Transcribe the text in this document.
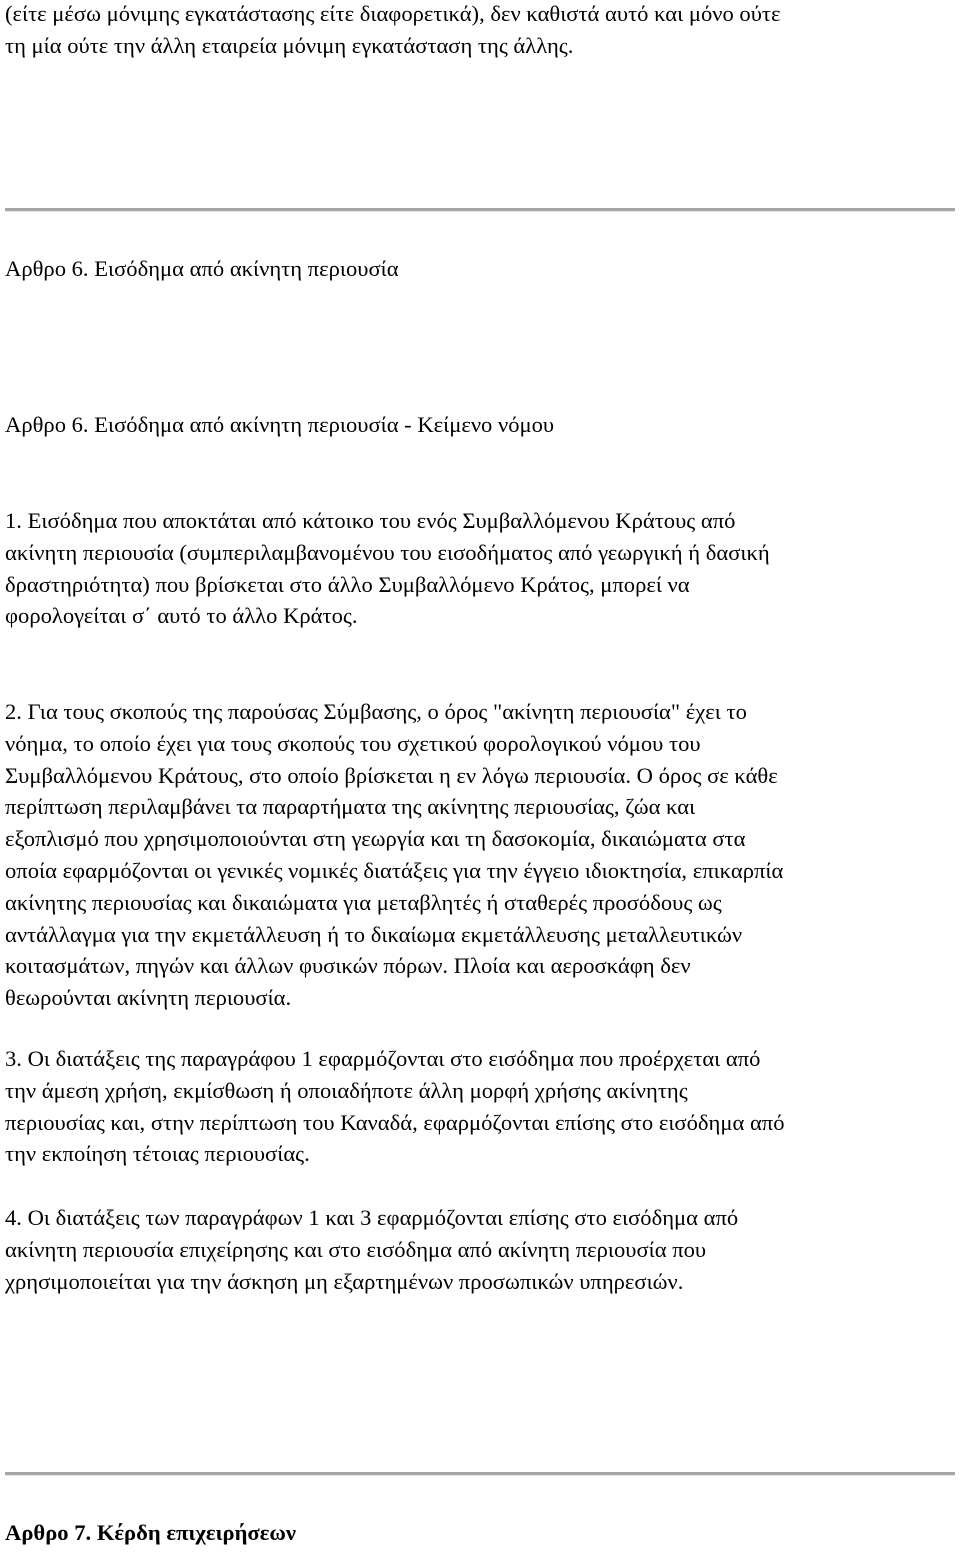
(είτε μέσω μόνιμης εγκατάστασης είτε διαφορετικά), δεν καθιστά αυτό και μόνο ούτε
τη μία ούτε την άλλη εταιρεία μόνιμη εγκατάσταση της άλλης.

Αρθρο 6. Εισόδημα από ακίνητη περιουσία
Αρθρο 6. Εισόδημα από ακίνητη περιουσία - Κείμενο νόμου

1. Εισόδημα που αποκτάται από κάτοικο του ενός Συμβαλλόμενου Κράτους από
ακίνητη περιουσία (συμπεριλαμβανομένου του εισοδήματος από γεωργική ή δασική
δραστηριότητα) που βρίσκεται στο άλλο Συμβαλλόμενο Κράτος, μπορεί να
φορολογείται σ΄ αυτό το άλλο Κράτος.

2. Για τους σκοπούς της παρούσας Σύμβασης, ο όρος "ακίνητη περιουσία" έχει το
νόημα, το οποίο έχει για τους σκοπούς του σχετικού φορολογικού νόμου του
Συμβαλλόμενου Κράτους, στο οποίο βρίσκεται η εν λόγω περιουσία. Ο όρος σε κάθε
περίπτωση περιλαμβάνει τα παραρτήματα της ακίνητης περιουσίας, ζώα και
εξοπλισμό που χρησιμοποιούνται στη γεωργία και τη δασοκομία, δικαιώματα στα
οποία εφαρμόζονται οι γενικές νομικές διατάξεις για την έγγειο ιδιοκτησία, επικαρπία
ακίνητης περιουσίας και δικαιώματα για μεταβλητές ή σταθερές προσόδους ως
αντάλλαγμα για την εκμετάλλευση ή το δικαίωμα εκμετάλλευσης μεταλλευτικών
κοιτασμάτων, πηγών και άλλων φυσικών πόρων. Πλοία και αεροσκάφη δεν
θεωρούνται ακίνητη περιουσία.

3. Οι διατάξεις της παραγράφου 1 εφαρμόζονται στο εισόδημα που προέρχεται από
την άμεση χρήση, εκμίσθωση ή οποιαδήποτε άλλη μορφή χρήσης ακίνητης
περιουσίας και, στην περίπτωση του Καναδά, εφαρμόζονται επίσης στο εισόδημα από
την εκποίηση τέτοιας περιουσίας.

4. Οι διατάξεις των παραγράφων 1 και 3 εφαρμόζονται επίσης στο εισόδημα από
ακίνητη περιουσία επιχείρησης και στο εισόδημα από ακίνητη περιουσία που
χρησιμοποιείται για την άσκηση μη εξαρτημένων προσωπικών υπηρεσιών.

Αρθρο 7. Κέρδη επιχειρήσεων
